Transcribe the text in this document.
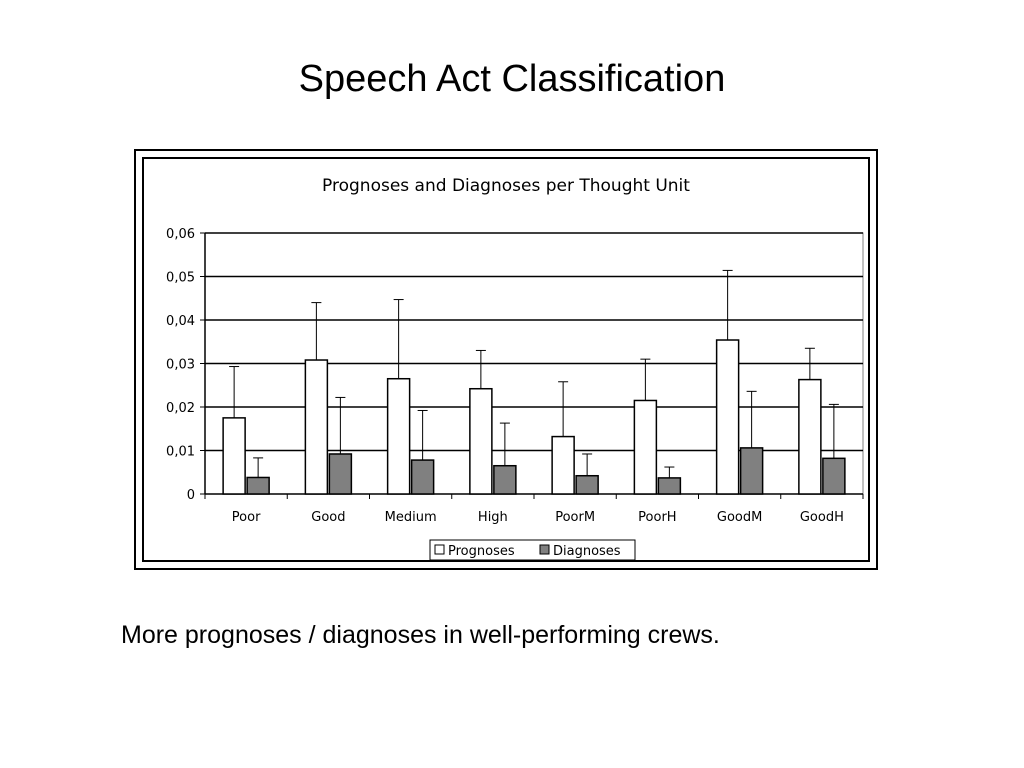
Speech Act Classification
Prognoses and Diagnoses per Thought Unit
0
0,01
0,02
0,03
0,04
0,05
0,06
Poor	Good	Medium	High	PoorM	PoorH	GoodM	GoodH
Prognoses	Diagnoses
More prognoses / diagnoses in well-performing crews.
